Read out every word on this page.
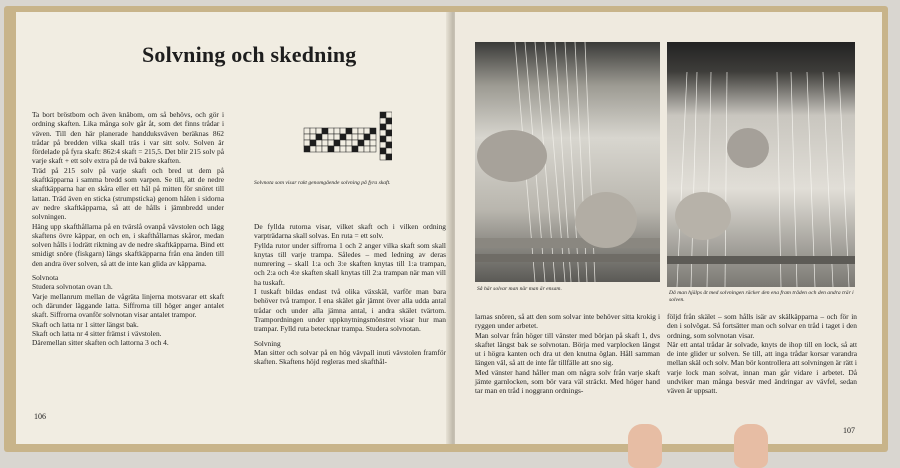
Solvning och skedning

Ta bort bröstbom och även knäbom, om så behövs, och gör i ordning skaften. Lika många solv går åt, som det finns trådar i väven. Till den här planerade handduksväven beräknas 862 trådar på bredden vilka skall träs i var sitt solv. Solven är fördelade på fyra skaft: 862:4 skaft = 215,5. Det blir 215 solv på varje skaft + ett solv extra på de två bakre skaften.

Träd på 215 solv på varje skaft och bred ut dem på skaftkäpparna i samma bredd som varpen. Se till, att de nedre skaftkäpparna har en skåra eller ett hål på mitten för snöret till lattan. Träd även en sticka (strumpsticka) genom hålen i sidorna av nedre skaftkäpparna, så att de hålls i jämnbredd under solvningen.

Häng upp skafthållarna på en tvärslå ovanpå vävstolen och lägg skaftens övre käppar, en och en, i skafthållarnas skåror, medan solven hålls i lodrätt riktning av de nedre skaftkäpparna. Bind ett smidigt snöre (fiskgarn) längs skaftkäpparna från ena änden till den andra över solven, så att de inte kan glida av käpparna.

Solvnota

Studera solvnotan ovan t.h.

Varje mellanrum mellan de vågräta linjerna motsvarar ett skaft och därunder läggande latta. Siffrorna till höger anger antalet skaft. Siffrorna ovanför solvnotan visar antalet trampor.

Skaft och latta nr 1 sitter längst bak.

Skaft och latta nr 4 sitter främst i vävstolen.

Däremellan sitter skaften och lattorna 3 och 4.

Solvnota som visar rakt genomgående solvning på fyra skaft.

De fyllda rutorna visar, vilket skaft och i vilken ordning varpträdarna skall solvas. En ruta = ett solv.

Fyllda rutor under siffrorna 1 och 2 anger vilka skaft som skall knytas till varje trampa. Således – med ledning av deras numrering – skall 1:a och 3:e skaften knytas till 1:a trampan, och 2:a och 4:e skaften skall knytas till 2:a trampan när man vill ha tuskaft.

I tuskaft bildas endast två olika växskäl, varför man bara behöver två trampor. I ena skälet går jämnt över alla udda antal trådar och under alla jämna antal, i andra skälet tvärtom. Trampordningen under uppknytningsmönstret visar hur man trampar. Fylld ruta betecknar trampa. Studera solvnotan.

Solvning

Man sitter och solvar på en hög vävpall inuti vävstolen framför skaften. Skaftens höjd regleras med skafthål-

106
Så här solvar man när man är ensam.
Då man hjälps åt med solvningen räcker den ena fram tråden och den andra trär i solven.
larnas snören, så att den som solvar inte behöver sitta krokig i ryggen under arbetet.
Man solvar från höger till vänster med början på skaft 1, dvs skaftet längst bak se solvnotan. Börja med varplocken längst ut i högra kanten och dra ut den knutna öglan. Håll samman längen väl, så att de inte får tillfälle att sno sig.
Med vänster hand håller man om några solv från varje skaft jämte garnlocken, som bör vara väl sträckt. Med höger hand tar man en tråd i noggrann ordnings-
följd från skälet – som hålls isär av skälkäpparna – och för in den i solvögat. Så fortsätter man och solvar en tråd i taget i den ordning, som solvnotan visar.
När ett antal trådar är solvade, knyts de ihop till en lock, så att de inte glider ur solven. Se till, att inga trådar korsar varandra mellan skäl och solv. Man bör kontrollera att solvningen är rätt i varje lock man solvat, innan man går vidare i arbetet. Då undviker man många besvär med ändringar av vävfel, sedan väven är uppsatt.
107
